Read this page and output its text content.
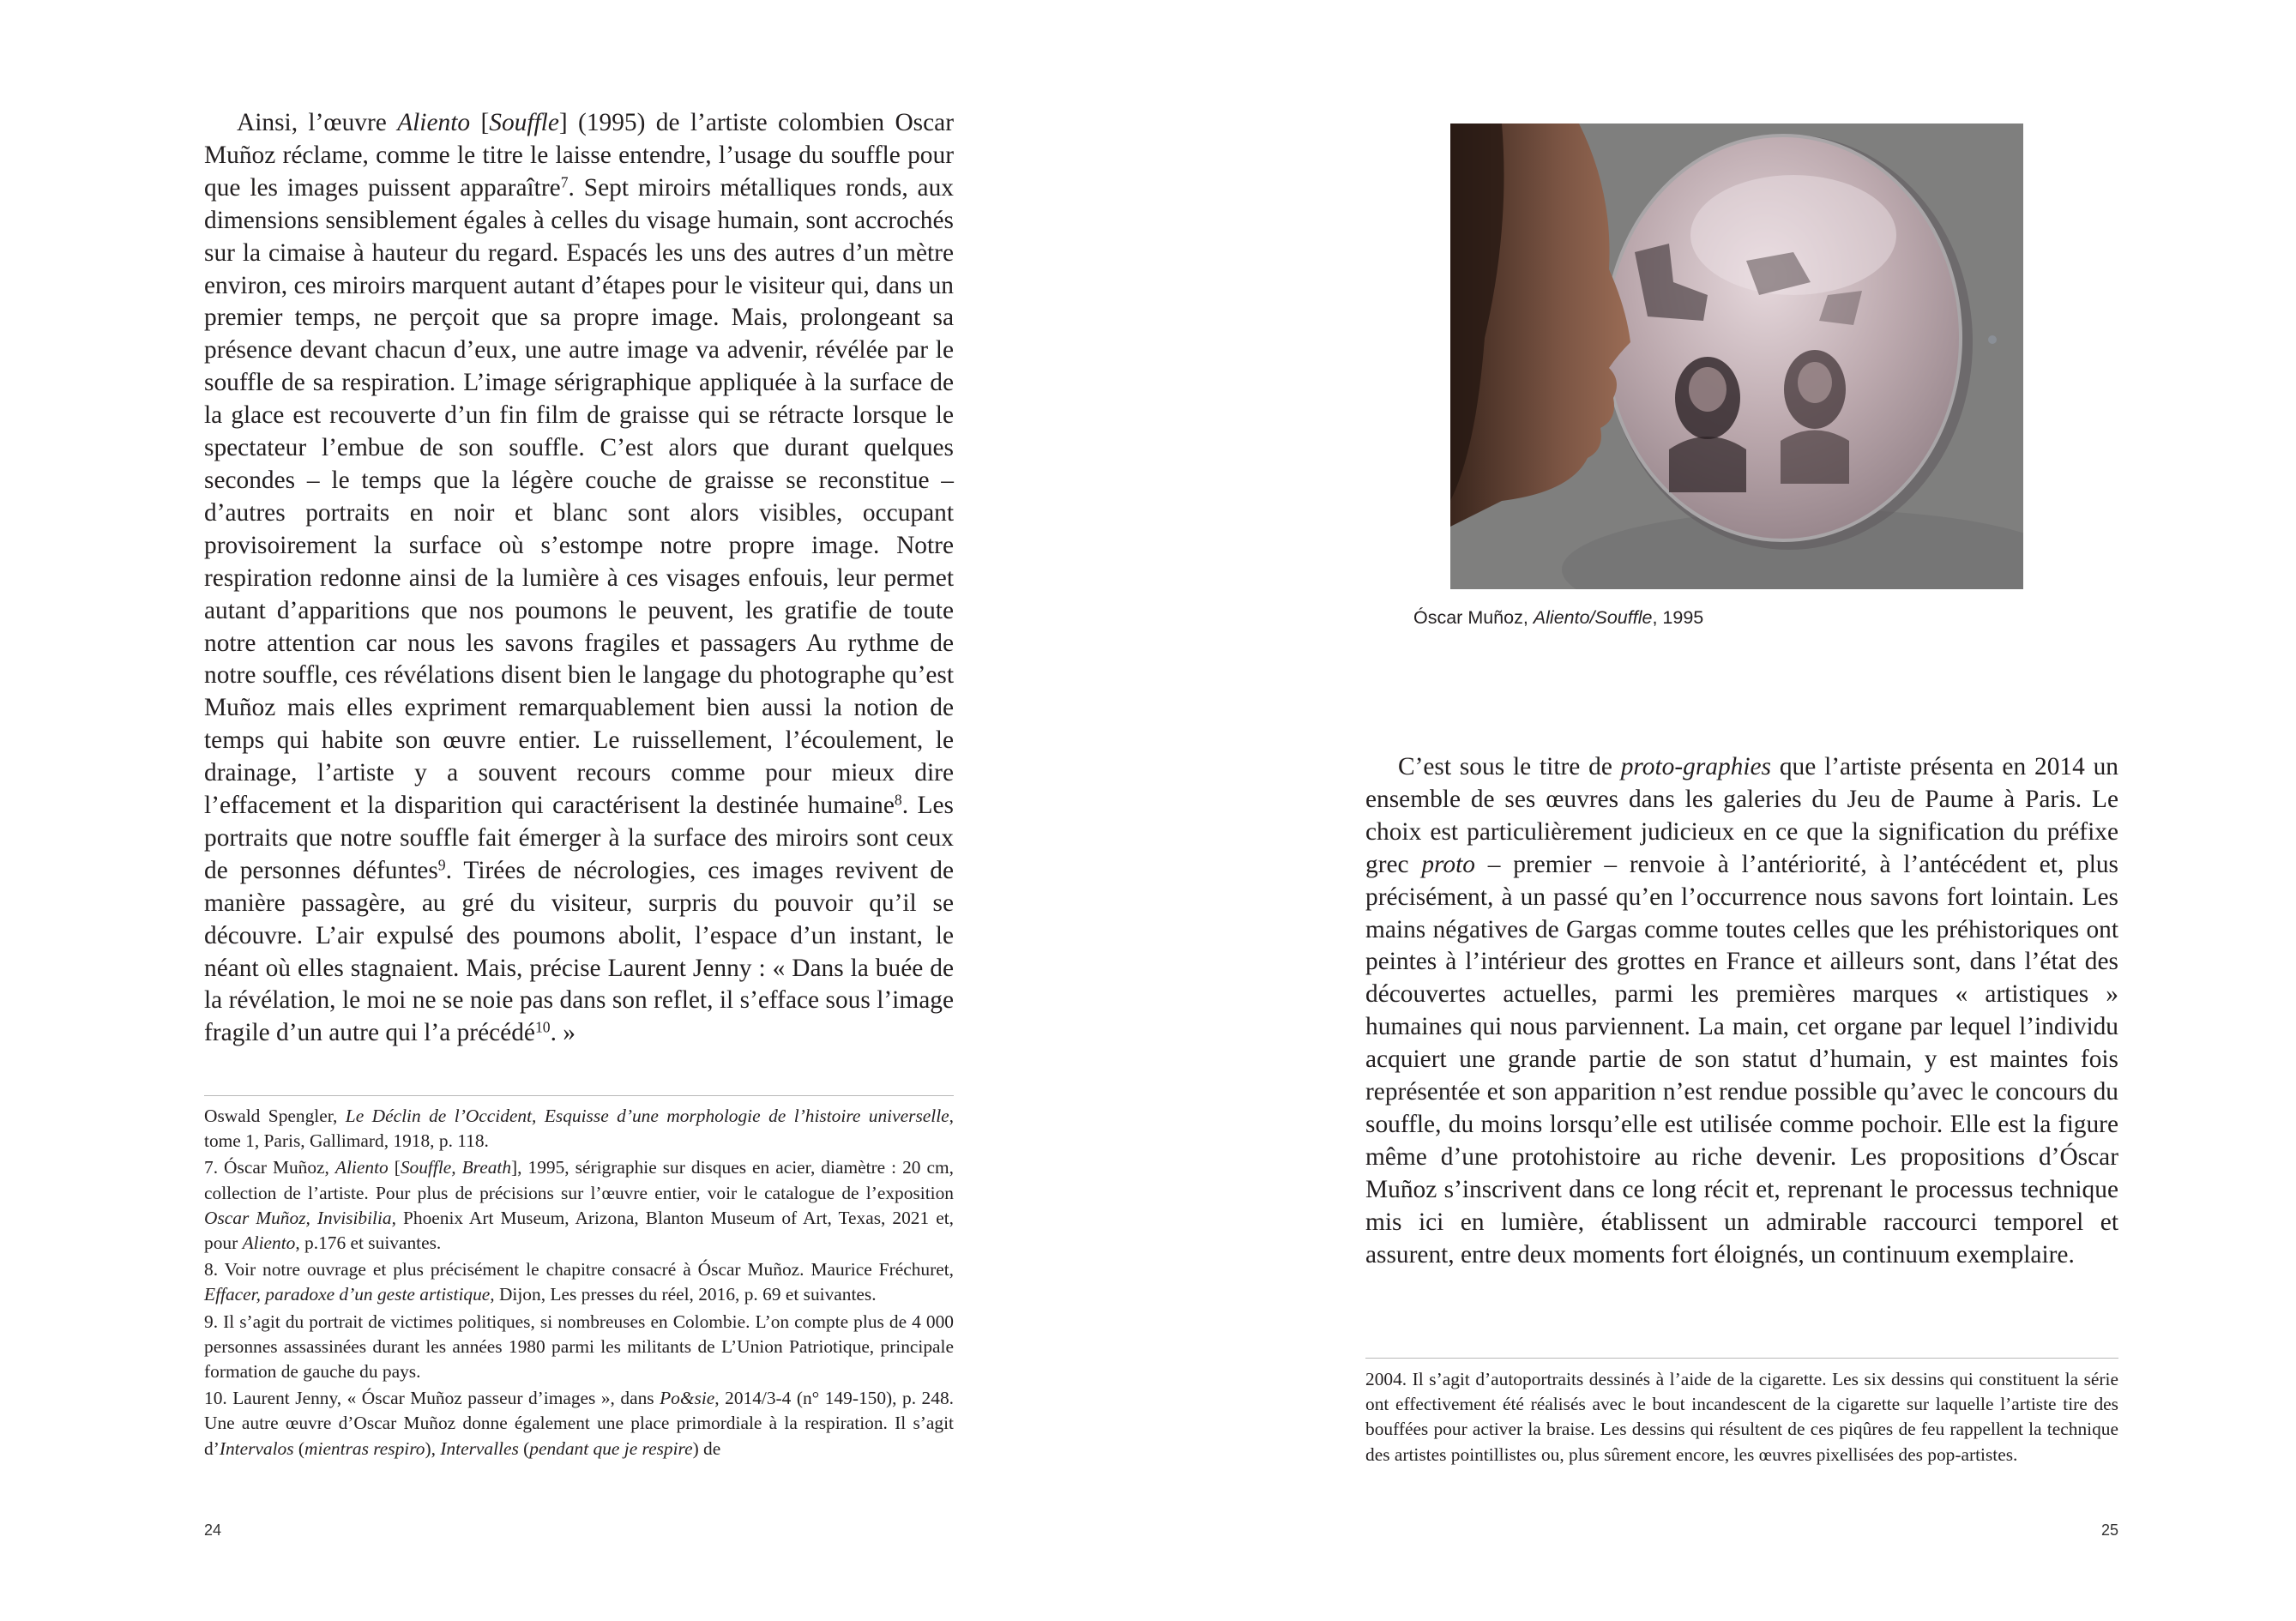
Ainsi, l’œuvre Aliento [Souffle] (1995) de l’artiste colombien Oscar Muñoz réclame, comme le titre le laisse entendre, l’usage du souffle pour que les images puissent apparaître$^7$. Sept miroirs métalliques ronds, aux dimensions sensiblement égales à celles du visage humain, sont accrochés sur la cimaise à hauteur du regard. Espacés les uns des autres d’un mètre environ, ces miroirs marquent autant d’étapes pour le visiteur qui, dans un premier temps, ne perçoit que sa propre image. Mais, prolongeant sa présence devant chacun d’eux, une autre image va advenir, révélée par le souffle de sa respiration. L’image sérigraphique appliquée à la surface de la glace est recouverte d’un fin film de graisse qui se rétracte lorsque le spectateur l’embue de son souffle. C’est alors que durant quelques secondes – le temps que la légère couche de graisse se reconstitue – d’autres portraits en noir et blanc sont alors visibles, occupant provisoirement la surface où s’estompe notre propre image. Notre respiration redonne ainsi de la lumière à ces visages enfouis, leur permet autant d’apparitions que nos poumons le peuvent, les gratifie de toute notre attention car nous les savons fragiles et passagers Au rythme de notre souffle, ces révélations disent bien le langage du photographe qu’est Muñoz mais elles expriment remarquablement bien aussi la notion de temps qui habite son œuvre entier. Le ruissellement, l’écoulement, le drainage, l’artiste y a souvent recours comme pour mieux dire l’effacement et la disparition qui caractérisent la destinée humaine$^8$. Les portraits que notre souffle fait émerger à la surface des miroirs sont ceux de personnes défuntes$^9$. Tirées de nécrologies, ces images revivent de manière passagère, au gré du visiteur, surpris du pouvoir qu’il se découvre. L’air expulsé des poumons abolit, l’espace d’un instant, le néant où elles stagnaient. Mais, précise Laurent Jenny : « Dans la buée de la révélation, le moi ne se noie pas dans son reflet, il s’efface sous l’image fragile d’un autre qui l’a précédé$^{10}$. »

Oswald Spengler, Le Déclin de l’Occident, Esquisse d’une morphologie de l’histoire universelle, tome 1, Paris, Gallimard, 1918, p. 118.

7. Óscar Muñoz, Aliento [Souffle, Breath], 1995, sérigraphie sur disques en acier, diamètre : 20 cm, collection de l’artiste. Pour plus de précisions sur l’œuvre entier, voir le catalogue de l’exposition Oscar Muñoz, Invisibilia, Phoenix Art Museum, Arizona, Blanton Museum of Art, Texas, 2021 et, pour Aliento, p.176 et suivantes.

8. Voir notre ouvrage et plus précisément le chapitre consacré à Óscar Muñoz. Maurice Fréchuret, Effacer, paradoxe d’un geste artistique, Dijon, Les presses du réel, 2016, p. 69 et suivantes.

9. Il s’agit du portrait de victimes politiques, si nombreuses en Colombie. L’on compte plus de 4 000 personnes assassinées durant les années 1980 parmi les militants de L’Union Patriotique, principale formation de gauche du pays.

10. Laurent Jenny, « Óscar Muñoz passeur d’images », dans Po&sie, 2014/3-4 (n° 149-150), p. 248. Une autre œuvre d’Oscar Muñoz donne également une place primordiale à la respiration. Il s’agit d’Intervalos (mientras respiro), Intervalles (pendant que je respire) de

24
Óscar Muñoz, Aliento/Souffle, 1995

C’est sous le titre de proto-graphies que l’artiste présenta en 2014 un ensemble de ses œuvres dans les galeries du Jeu de Paume à Paris. Le choix est particulièrement judicieux en ce que la signification du préfixe grec proto – premier – renvoie à l’antériorité, à l’antécédent et, plus précisément, à un passé qu’en l’occurrence nous savons fort lointain. Les mains négatives de Gargas comme toutes celles que les préhistoriques ont peintes à l’intérieur des grottes en France et ailleurs sont, dans l’état des découvertes actuelles, parmi les premières marques « artistiques » humaines qui nous parviennent. La main, cet organe par lequel l’individu acquiert une grande partie de son statut d’humain, y est maintes fois représentée et son apparition n’est rendue possible qu’avec le concours du souffle, du moins lorsqu’elle est utilisée comme pochoir. Elle est la figure même d’une protohistoire au riche devenir. Les propositions d’Óscar Muñoz s’inscrivent dans ce long récit et, reprenant le processus technique mis ici en lumière, établissent un admirable raccourci temporel et assurent, entre deux moments fort éloignés, un continuum exemplaire.

2004. Il s’agit d’autoportraits dessinés à l’aide de la cigarette. Les six dessins qui constituent la série ont effectivement été réalisés avec le bout incandescent de la cigarette sur laquelle l’artiste tire des bouffées pour activer la braise. Les dessins qui résultent de ces piqûres de feu rappellent la technique des artistes pointillistes ou, plus sûrement encore, les œuvres pixellisées des pop-artistes.

25
